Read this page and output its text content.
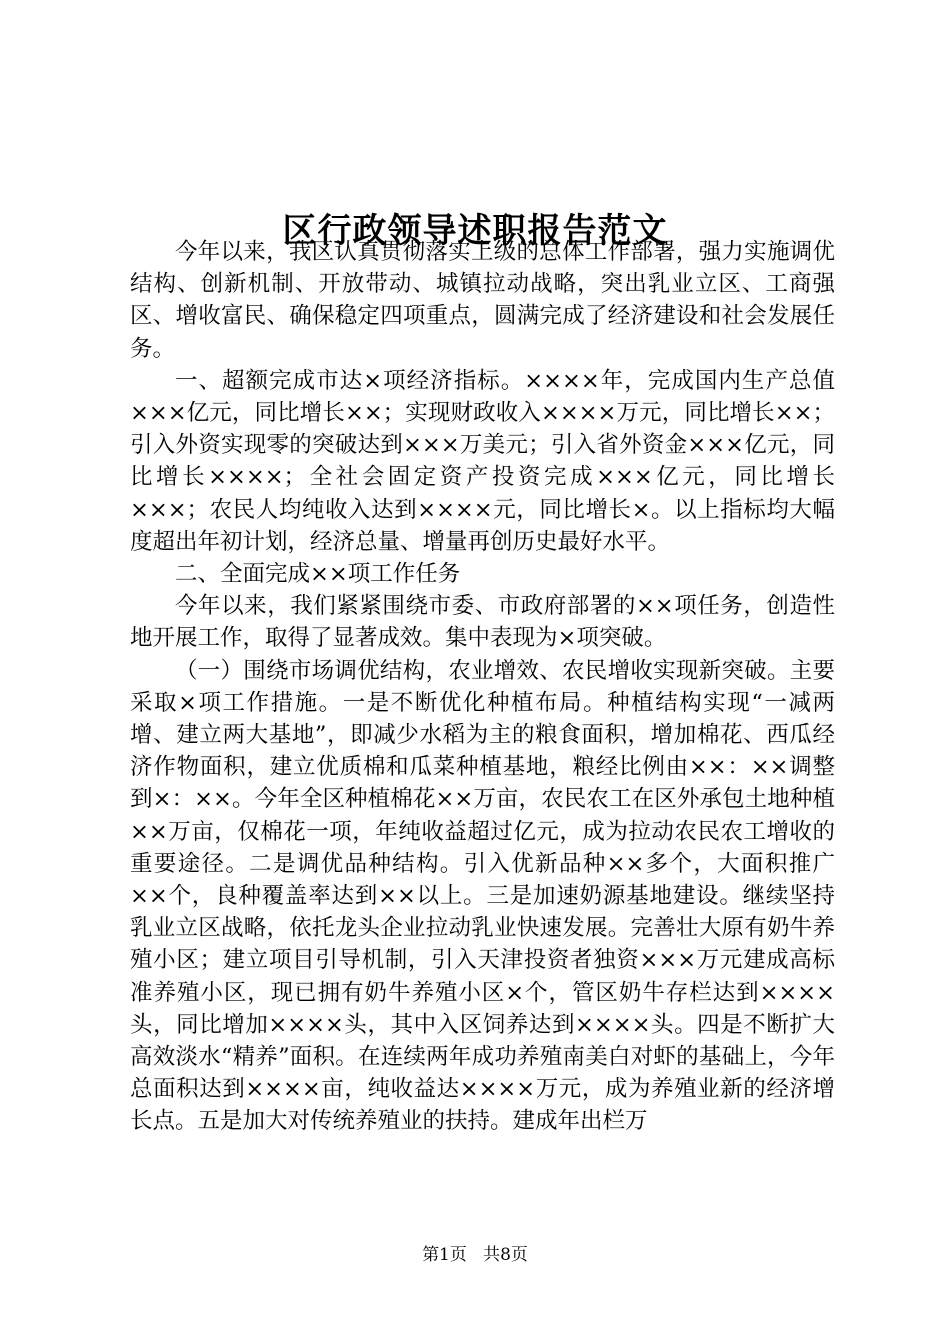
区行政领导述职报告范文

今年以来，我区认真贯彻落实上级的总体工作部署，强力实施调优结构、创新机制、开放带动、城镇拉动战略，突出乳业立区、工商强区、增收富民、确保稳定四项重点，圆满完成了经济建设和社会发展任务。

一、超额完成市达×项经济指标。××××年，完成国内生产总值×××亿元，同比增长××；实现财政收入××××万元，同比增长××；引入外资实现零的突破达到×××万美元；引入省外资金×××亿元，同比增长××××；全社会固定资产投资完成×××亿元，同比增长×××；农民人均纯收入达到××××元，同比增长×。以上指标均大幅度超出年初计划，经济总量、增量再创历史最好水平。

二、全面完成××项工作任务

今年以来，我们紧紧围绕市委、市政府部署的××项任务，创造性地开展工作，取得了显著成效。集中表现为×项突破。

（一）围绕市场调优结构，农业增效、农民增收实现新突破。主要采取×项工作措施。一是不断优化种植布局。种植结构实现“一减两增、建立两大基地”，即减少水稻为主的粮食面积，增加棉花、西瓜经济作物面积，建立优质棉和瓜菜种植基地，粮经比例由××：××调整到×：××。今年全区种植棉花××万亩，农民农工在区外承包土地种植××万亩，仅棉花一项，年纯收益超过亿元，成为拉动农民农工增收的重要途径。二是调优品种结构。引入优新品种××多个，大面积推广××个，良种覆盖率达到××以上。三是加速奶源基地建设。继续坚持乳业立区战略，依托龙头企业拉动乳业快速发展。完善壮大原有奶牛养殖小区；建立项目引导机制，引入天津投资者独资×××万元建成高标准养殖小区，现已拥有奶牛养殖小区×个，管区奶牛存栏达到××××头，同比增加××××头，其中入区饲养达到××××头。四是不断扩大高效淡水“精养”面积。在连续两年成功养殖南美白对虾的基础上，今年总面积达到××××亩，纯收益达××××万元，成为养殖业新的经济增长点。五是加大对传统养殖业的扶持。建成年出栏万

第1页 共8页
